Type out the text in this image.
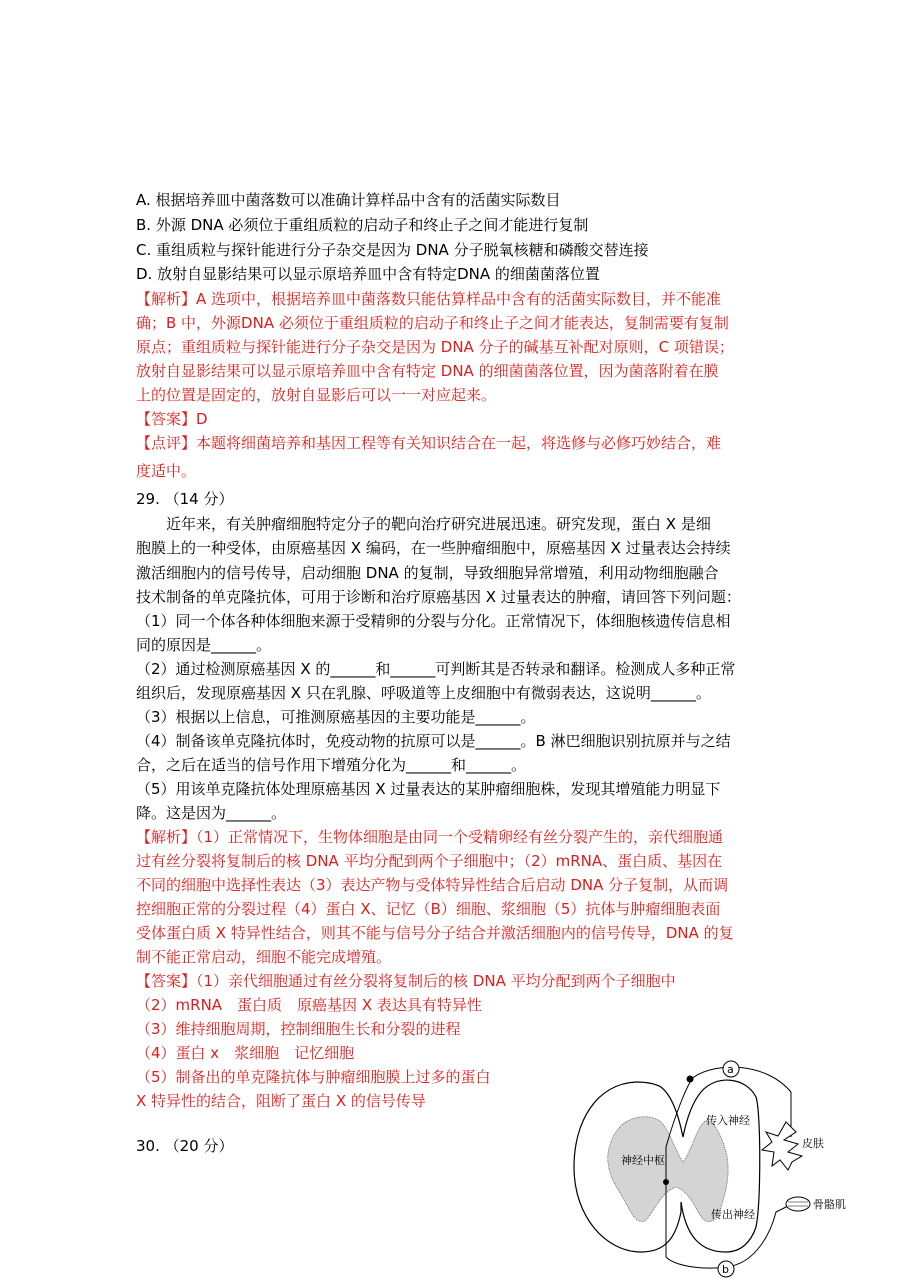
A. 根据培养皿中菌落数可以准确计算样品中含有的活菌实际数目
B. 外源 DNA 必须位于重组质粒的启动子和终止子之间才能进行复制
C. 重组质粒与探针能进行分子杂交是因为 DNA 分子脱氧核糖和磷酸交替连接
D. 放射自显影结果可以显示原培养皿中含有特定DNA 的细菌菌落位置
【解析】A 选项中，根据培养皿中菌落数只能估算样品中含有的活菌实际数目，并不能准
确；B 中，外源DNA 必须位于重组质粒的启动子和终止子之间才能表达，复制需要有复制
原点；重组质粒与探针能进行分子杂交是因为 DNA 分子的碱基互补配对原则，C 项错误；
放射自显影结果可以显示原培养皿中含有特定 DNA 的细菌菌落位置，因为菌落附着在膜
上的位置是固定的，放射自显影后可以一一对应起来。
【答案】D
【点评】本题将细菌培养和基因工程等有关知识结合在一起，将选修与必修巧妙结合，难
度适中。
29. （14 分）
　　近年来，有关肿瘤细胞特定分子的靶向治疗研究进展迅速。研究发现，蛋白 X 是细
胞膜上的一种受体，由原癌基因 X 编码，在一些肿瘤细胞中，原癌基因 X 过量表达会持续
激活细胞内的信号传导，启动细胞 DNA 的复制，导致细胞异常增殖，利用动物细胞融合
技术制备的单克隆抗体，可用于诊断和治疗原癌基因 X 过量表达的肿瘤，请回答下列问题：
（1）同一个体各种体细胞来源于受精卵的分裂与分化。正常情况下，体细胞核遗传信息相
同的原因是______。
（2）通过检测原癌基因 X 的______和______可判断其是否转录和翻译。检测成人多种正常
组织后，发现原癌基因 X 只在乳腺、呼吸道等上皮细胞中有微弱表达，这说明______。
（3）根据以上信息，可推测原癌基因的主要功能是______。
（4）制备该单克隆抗体时，免疫动物的抗原可以是______。B 淋巴细胞识别抗原并与之结
合，之后在适当的信号作用下增殖分化为______和______。
（5）用该单克隆抗体处理原癌基因 X 过量表达的某肿瘤细胞株，发现其增殖能力明显下
降。这是因为______。
【解析】（1）正常情况下，生物体细胞是由同一个受精卵经有丝分裂产生的，亲代细胞通
过有丝分裂将复制后的核 DNA 平均分配到两个子细胞中；（2）mRNA、蛋白质、基因在
不同的细胞中选择性表达（3）表达产物与受体特异性结合后启动 DNA 分子复制，从而调
控细胞正常的分裂过程（4）蛋白 X、记忆（B）细胞、浆细胞（5）抗体与肿瘤细胞表面
受体蛋白质 X 特异性结合，则其不能与信号分子结合并激活细胞内的信号传导，DNA 的复
制不能正常启动，细胞不能完成增殖。
【答案】（1）亲代细胞通过有丝分裂将复制后的核 DNA 平均分配到两个子细胞中
（2）mRNA　蛋白质　原癌基因 X 表达具有特异性
（3）维持细胞周期，控制细胞生长和分裂的进程
（4）蛋白 x　浆细胞　记忆细胞
（5）制备出的单克隆抗体与肿瘤细胞膜上过多的蛋白
X 特异性的结合，阻断了蛋白 X 的信号传导
30. （20 分）
神经中枢
a
传入神经
皮肤
b
传出神经
骨骼肌
